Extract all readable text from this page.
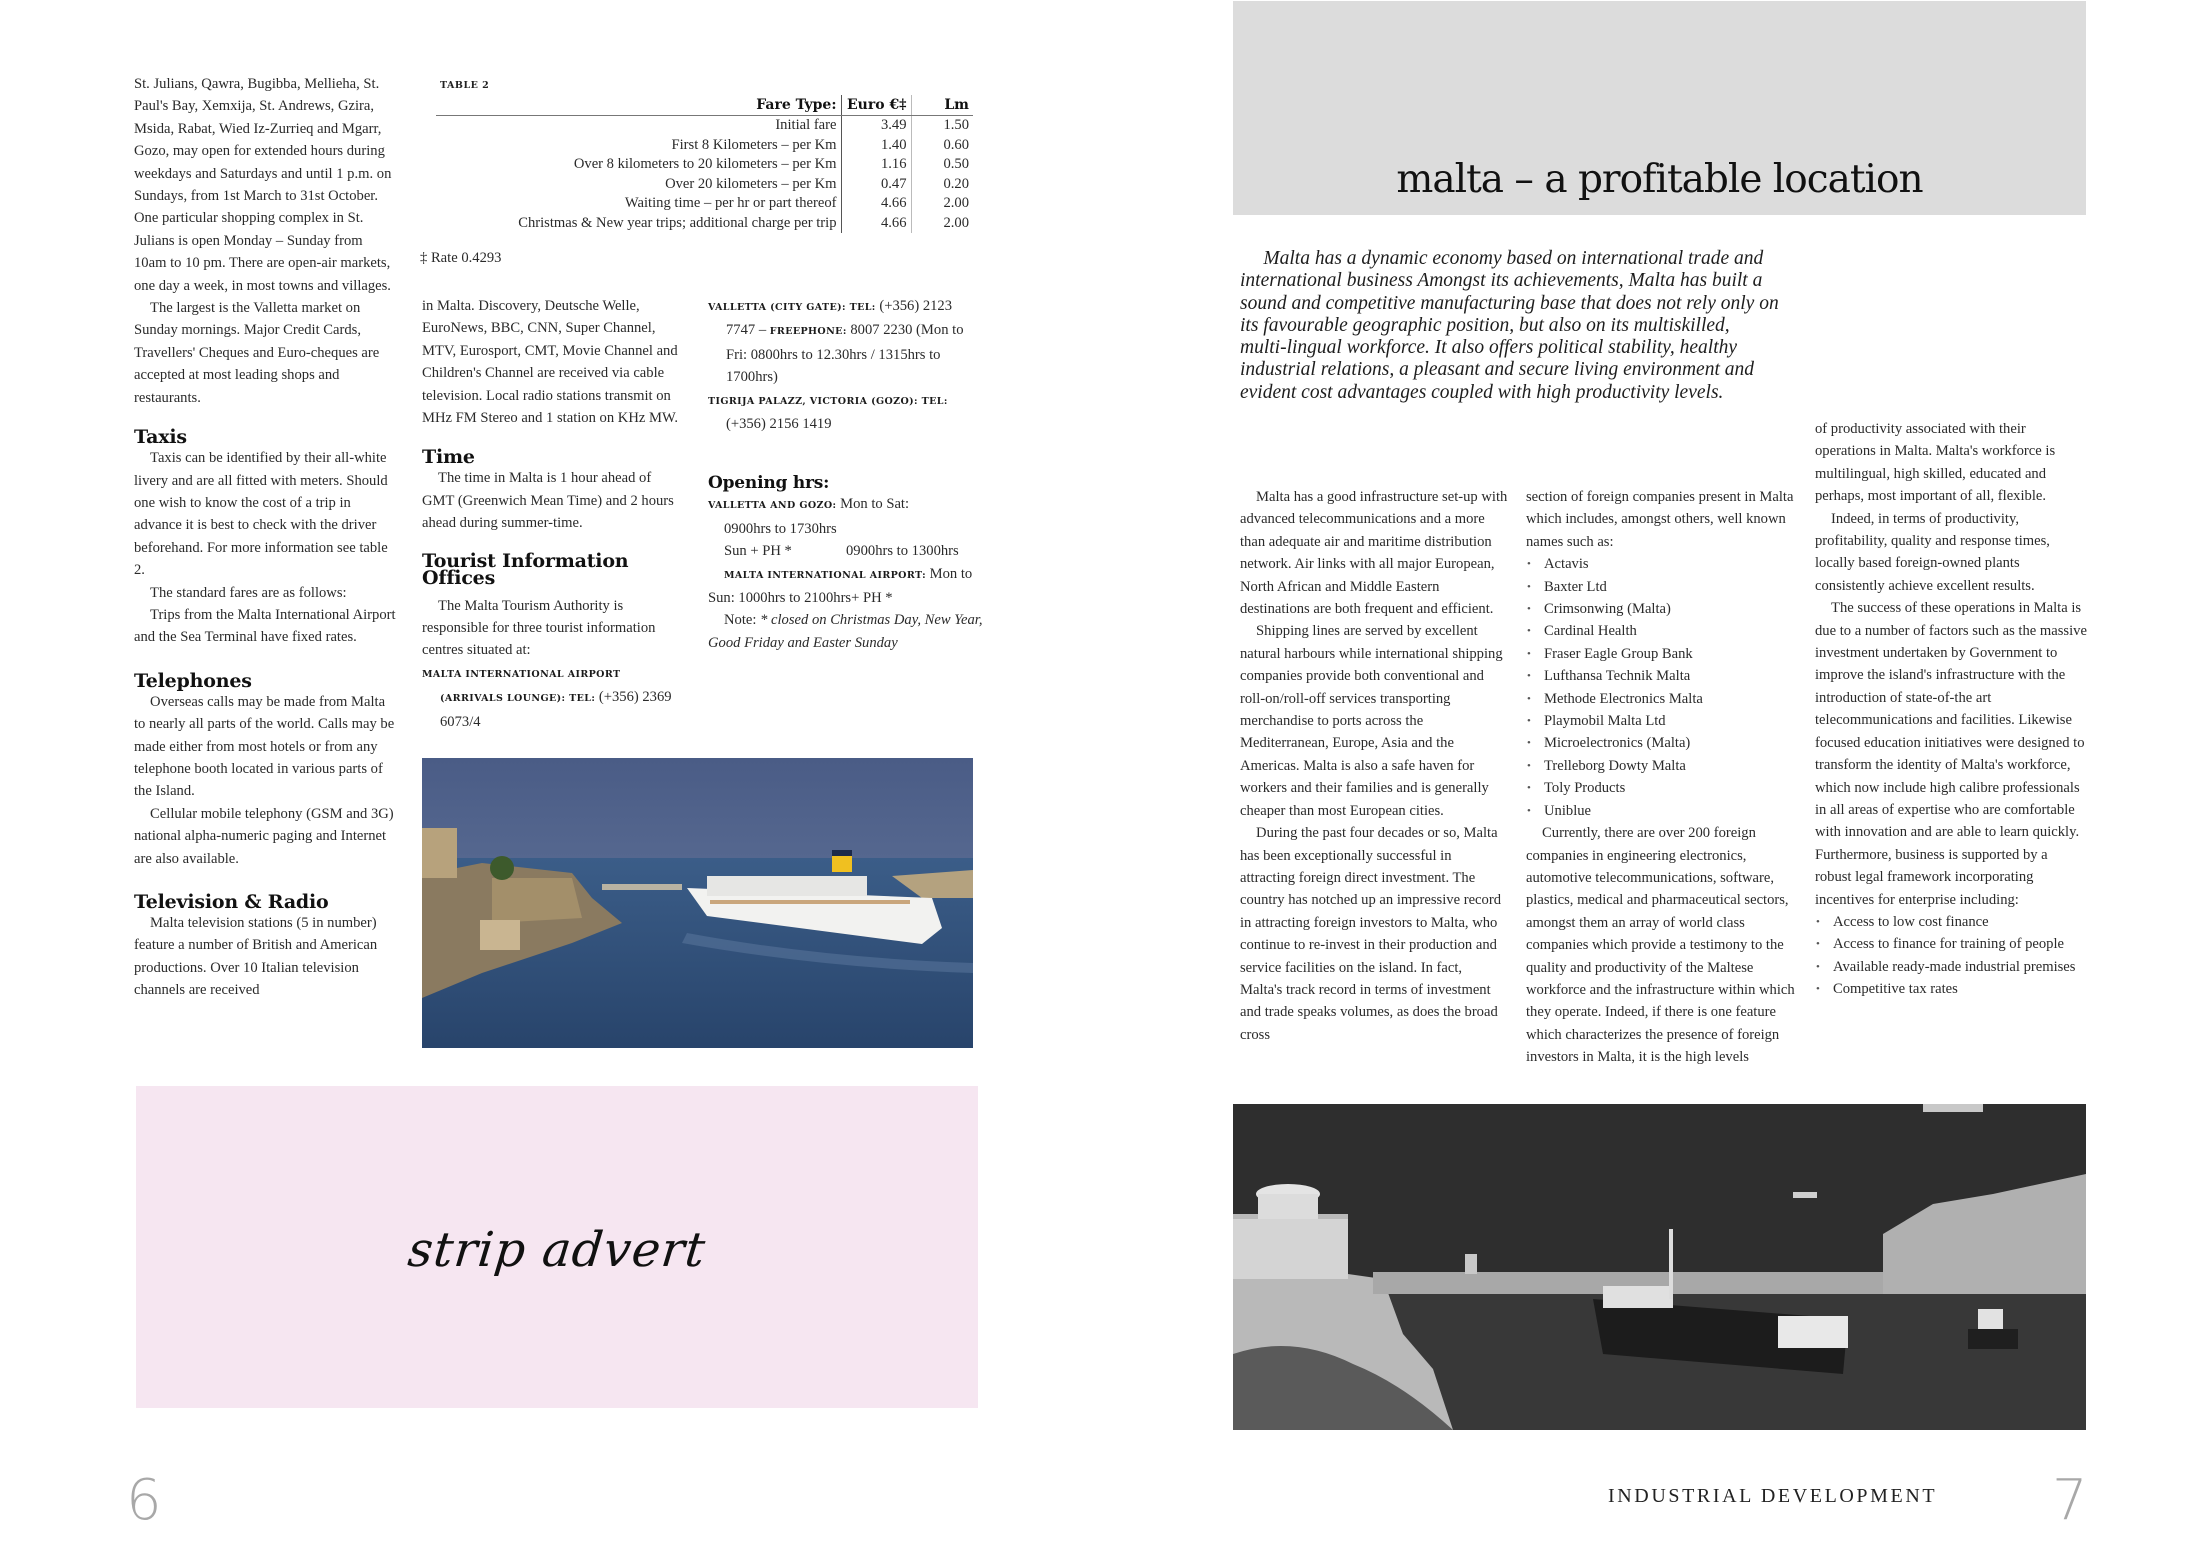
St. Julians, Qawra, Bugibba, Mellieha, St. Paul's Bay, Xemxija, St. Andrews, Gzira, Msida, Rabat, Wied Iz-Zurrieq and Mgarr, Gozo, may open for extended hours during weekdays and Saturdays and until 1 p.m. on Sundays, from 1st March to 31st October. One particular shopping complex in St. Julians is open Monday – Sunday from 10am to 10 pm. There are open-air markets, one day a week, in most towns and villages.

The largest is the Valletta market on Sunday mornings. Major Credit Cards, Travellers' Cheques and Euro-cheques are accepted at most leading shops and restaurants.

Taxis

Taxis can be identified by their all-white livery and are all fitted with meters. Should one wish to know the cost of a trip in advance it is best to check with the driver beforehand. For more information see table 2.

The standard fares are as follows:

Trips from the Malta International Airport and the Sea Terminal have fixed rates.

Telephones

Overseas calls may be made from Malta to nearly all parts of the world. Calls may be made either from most hotels or from any telephone booth located in various parts of the Island.

Cellular mobile telephony (GSM and 3G) national alpha-numeric paging and Internet are also available.

Television & Radio

Malta television stations (5 in number) feature a number of British and American productions. Over 10 Italian television channels are received

TABLE 2
Fare Type:	Euro €‡	Lm
Initial fare	3.49	1.50
First 8 Kilometers – per Km	1.40	0.60
Over 8 kilometers to 20 kilometers – per Km	1.16	0.50
Over 20 kilometers – per Km	0.47	0.20
Waiting time – per hr or part thereof	4.66	2.00
Christmas & New year trips; additional charge per trip	4.66	2.00
‡ Rate 0.4293

in Malta. Discovery, Deutsche Welle, EuroNews, BBC, CNN, Super Channel, MTV, Eurosport, CMT, Movie Channel and Children's Channel are received via cable television. Local radio stations transmit on MHz FM Stereo and 1 station on KHz MW.

Time

The time in Malta is 1 hour ahead of GMT (Greenwich Mean Time) and 2 hours ahead during summer-time.

Tourist Information Offices

The Malta Tourism Authority is responsible for three tourist information centres situated at:

MALTA INTERNATIONAL AIRPORT (ARRIVALS LOUNGE): TEL: (+356) 2369 6073/4
VALLETTA (CITY GATE): TEL: (+356) 2123 7747 – FREEPHONE: 8007 2230 (Mon to Fri: 0800hrs to 12.30hrs / 1315hrs to 1700hrs)
TIGRIJA PALAZZ, VICTORIA (GOZO): TEL: (+356) 2156 1419
Opening hrs:
VALLETTA AND GOZO: Mon to Sat:
0900hrs to 1730hrs
Sun + PH *	0900hrs to 1300hrs
MALTA INTERNATIONAL AIRPORT: Mon to Sun: 1000hrs to 2100hrs+ PH *
Note: * closed on Christmas Day, New Year, Good Friday and Easter Sunday
strip advert
6
malta – a profitable location

Malta has a dynamic economy based on international trade and international business Amongst its achievements, Malta has built a sound and competitive manufacturing base that does not rely only on its favourable geographic position, but also on its multiskilled, multi-lingual workforce. It also offers political stability, healthy industrial relations, a pleasant and secure living environment and evident cost advantages coupled with high productivity levels.

Malta has a good infrastructure set-up with advanced telecommunications and a more than adequate air and maritime distribution network. Air links with all major European, North African and Middle Eastern destinations are both frequent and efficient.

Shipping lines are served by excellent natural harbours while international shipping companies provide both conventional and roll-on/roll-off services transporting merchandise to ports across the Mediterranean, Europe, Asia and the Americas. Malta is also a safe haven for workers and their families and is generally cheaper than most European cities.

During the past four decades or so, Malta has been exceptionally successful in attracting foreign direct investment. The country has notched up an impressive record in attracting foreign investors to Malta, who continue to re-invest in their production and service facilities on the island. In fact, Malta's track record in terms of investment and trade speaks volumes, as does the broad cross

section of foreign companies present in Malta which includes, amongst others, well known names such as:

• Actavis
• Baxter Ltd
• Crimsonwing (Malta)
• Cardinal Health
• Fraser Eagle Group Bank
• Lufthansa Technik Malta
• Methode Electronics Malta
• Playmobil Malta Ltd
• Microelectronics (Malta)
• Trelleborg Dowty Malta
• Toly Products
• Uniblue

Currently, there are over 200 foreign companies in engineering electronics, automotive telecommunications, software, plastics, medical and pharmaceutical sectors, amongst them an array of world class companies which provide a testimony to the quality and productivity of the Maltese workforce and the infrastructure within which they operate. Indeed, if there is one feature which characterizes the presence of foreign investors in Malta, it is the high levels

of productivity associated with their operations in Malta. Malta's workforce is multilingual, high skilled, educated and perhaps, most important of all, flexible.

Indeed, in terms of productivity, profitability, quality and response times, locally based foreign-owned plants consistently achieve excellent results.

The success of these operations in Malta is due to a number of factors such as the massive investment undertaken by Government to improve the island's infrastructure with the introduction of state-of-the art telecommunications and facilities. Likewise focused education initiatives were designed to transform the identity of Malta's workforce, which now include high calibre professionals in all areas of expertise who are comfortable with innovation and are able to learn quickly. Furthermore, business is supported by a robust legal framework incorporating incentives for enterprise including:

• Access to low cost finance
• Access to finance for training of people
• Available ready-made industrial premises
• Competitive tax rates
INDUSTRIAL DEVELOPMENT 7
